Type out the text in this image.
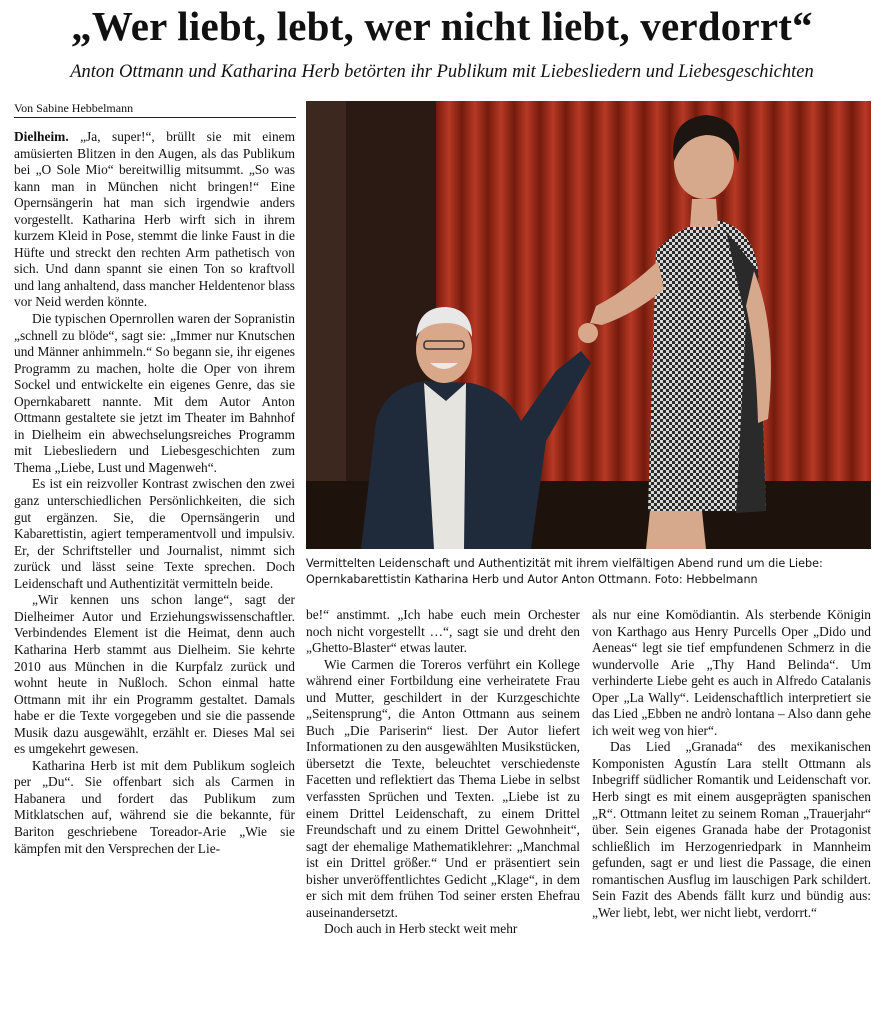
„Wer liebt, lebt, wer nicht liebt, verdorrt“
Anton Ottmann und Katharina Herb betörten ihr Publikum mit Liebesliedern und Liebesgeschichten
Von Sabine Hebbelmann

Dielheim. „Ja, super!“, brüllt sie mit einem amüsierten Blitzen in den Augen, als das Publikum bei „O Sole Mio“ bereitwillig mitsummt. „So was kann man in München nicht bringen!“ Eine Opernsängerin hat man sich irgendwie anders vorgestellt. Katharina Herb wirft sich in ihrem kurzem Kleid in Pose, stemmt die linke Faust in die Hüfte und streckt den rechten Arm pathetisch von sich. Und dann spannt sie einen Ton so kraftvoll und lang anhaltend, dass mancher Heldentenor blass vor Neid werden könnte.

Die typischen Opernrollen waren der Sopranistin „schnell zu blöde“, sagt sie: „Immer nur Knutschen und Männer anhimmeln.“ So begann sie, ihr eigenes Programm zu machen, holte die Oper von ihrem Sockel und entwickelte ein eigenes Genre, das sie Opernkabarett nannte. Mit dem Autor Anton Ottmann gestaltete sie jetzt im Theater im Bahnhof in Dielheim ein abwechselungsreiches Programm mit Liebesliedern und Liebesgeschichten zum Thema „Liebe, Lust und Magenweh“.

Es ist ein reizvoller Kontrast zwischen den zwei ganz unterschiedlichen Persönlichkeiten, die sich gut ergänzen. Sie, die Opernsängerin und Kabarettistin, agiert temperamentvoll und impulsiv. Er, der Schriftsteller und Journalist, nimmt sich zurück und lässt seine Texte sprechen. Doch Leidenschaft und Authentizität vermitteln beide.

„Wir kennen uns schon lange“, sagt der Dielheimer Autor und Erziehungswissenschaftler. Verbindendes Element ist die Heimat, denn auch Katharina Herb stammt aus Dielheim. Sie kehrte 2010 aus München in die Kurpfalz zurück und wohnt heute in Nußloch. Schon einmal hatte Ottmann mit ihr ein Programm gestaltet. Damals habe er die Texte vorgegeben und sie die passende Musik dazu ausgewählt, erzählt er. Dieses Mal sei es umgekehrt gewesen.

Katharina Herb ist mit dem Publikum sogleich per „Du“. Sie offenbart sich als Carmen in Habanera und fordert das Publikum zum Mitklatschen auf, während sie die bekannte, für Bariton geschriebene Toreador-Arie „Wie sie kämpfen mit den Versprechen der Lie-

Vermittelten Leidenschaft und Authentizität mit ihrem vielfältigen Abend rund um die Liebe:
Opernkabarettistin Katharina Herb und Autor Anton Ottmann. Foto: Hebbelmann

be!“ anstimmt. „Ich habe euch mein Orchester noch nicht vorgestellt …“, sagt sie und dreht den „Ghetto-Blaster“ etwas lauter.

Wie Carmen die Toreros verführt ein Kollege während einer Fortbildung eine verheiratete Frau und Mutter, geschildert in der Kurzgeschichte „Seitensprung“, die Anton Ottmann aus seinem Buch „Die Pariserin“ liest. Der Autor liefert Informationen zu den ausgewählten Musikstücken, übersetzt die Texte, beleuchtet verschiedenste Facetten und reflektiert das Thema Liebe in selbst verfassten Sprüchen und Texten. „Liebe ist zu einem Drittel Leidenschaft, zu einem Drittel Freundschaft und zu einem Drittel Gewohnheit“, sagt der ehemalige Mathematiklehrer: „Manchmal ist ein Drittel größer.“ Und er präsentiert sein bisher unveröffentlichtes Gedicht „Klage“, in dem er sich mit dem frühen Tod seiner ersten Ehefrau auseinandersetzt.

Doch auch in Herb steckt weit mehr

als nur eine Komödiantin. Als sterbende Königin von Karthago aus Henry Purcells Oper „Dido und Aeneas“ legt sie tief empfundenen Schmerz in die wundervolle Arie „Thy Hand Belinda“. Um verhinderte Liebe geht es auch in Alfredo Catalanis Oper „La Wally“. Leidenschaftlich interpretiert sie das Lied „Ebben ne andrò lontana – Also dann gehe ich weit weg von hier“.

Das Lied „Granada“ des mexikanischen Komponisten Agustín Lara stellt Ottmann als Inbegriff südlicher Romantik und Leidenschaft vor. Herb singt es mit einem ausgeprägten spanischen „R“. Ottmann leitet zu seinem Roman „Trauerjahr“ über. Sein eigenes Granada habe der Protagonist schließlich im Herzogenriedpark in Mannheim gefunden, sagt er und liest die Passage, die einen romantischen Ausflug im lauschigen Park schildert. Sein Fazit des Abends fällt kurz und bündig aus: „Wer liebt, lebt, wer nicht liebt, verdorrt.“
